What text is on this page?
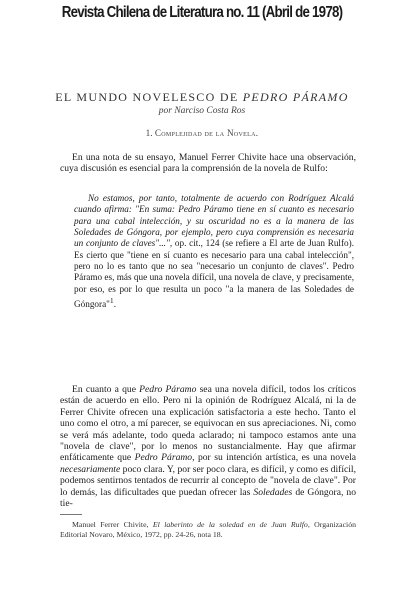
Revista Chilena de Literatura no. 11 (Abril de 1978)
EL MUNDO NOVELESCO DE PEDRO PÁRAMO
por Narciso Costa Ros
1. Complejidad de la Novela.
En una nota de su ensayo, Manuel Ferrer Chivite hace una observación, cuya discusión es esencial para la comprensión de la novela de Rulfo:
No estamos, por tanto, totalmente de acuerdo con Rodríguez Alcalá cuando afirma: "En suma: Pedro Páramo tiene en sí cuanto es necesario para una cabal intelección, y su oscuridad no es a la manera de las Soledades de Góngora, por ejemplo, pero cuya comprensión es necesaria un conjunto de claves"...", op. cit., 124 (se refiere a El arte de Juan Rulfo). Es cierto que "tiene en sí cuanto es necesario para una cabal intelección", pero no lo es tanto que no sea "necesario un conjunto de claves". Pedro Páramo es, más que una novela difícil, una novela de clave, y precisamente, por eso, es por lo que resulta un poco "a la manera de las Soledades de Góngora"$^1$.
En cuanto a que Pedro Páramo sea una novela difícil, todos los críticos están de acuerdo en ello. Pero ni la opinión de Rodríguez Alcalá, ni la de Ferrer Chivite ofrecen una explicación satisfactoria a este hecho. Tanto el uno como el otro, a mí parecer, se equivocan en sus apreciaciones. Ni, como se verá más adelante, todo queda aclarado; ni tampoco estamos ante una "novela de clave", por lo menos no sustancialmente. Hay que afirmar enfáticamente que Pedro Páramo, por su intención artística, es una novela necesariamente poco clara. Y, por ser poco clara, es difícil, y como es difícil, podemos sentirnos tentados de recurrir al concepto de "novela de clave". Por lo demás, las dificultades que puedan ofrecer las Soledades de Góngora, no tie-
Manuel Ferrer Chivite, El laberinto de la soledad en de Juan Rulfo, Organización Editorial Novaro, México, 1972, pp. 24-26, nota 18.
